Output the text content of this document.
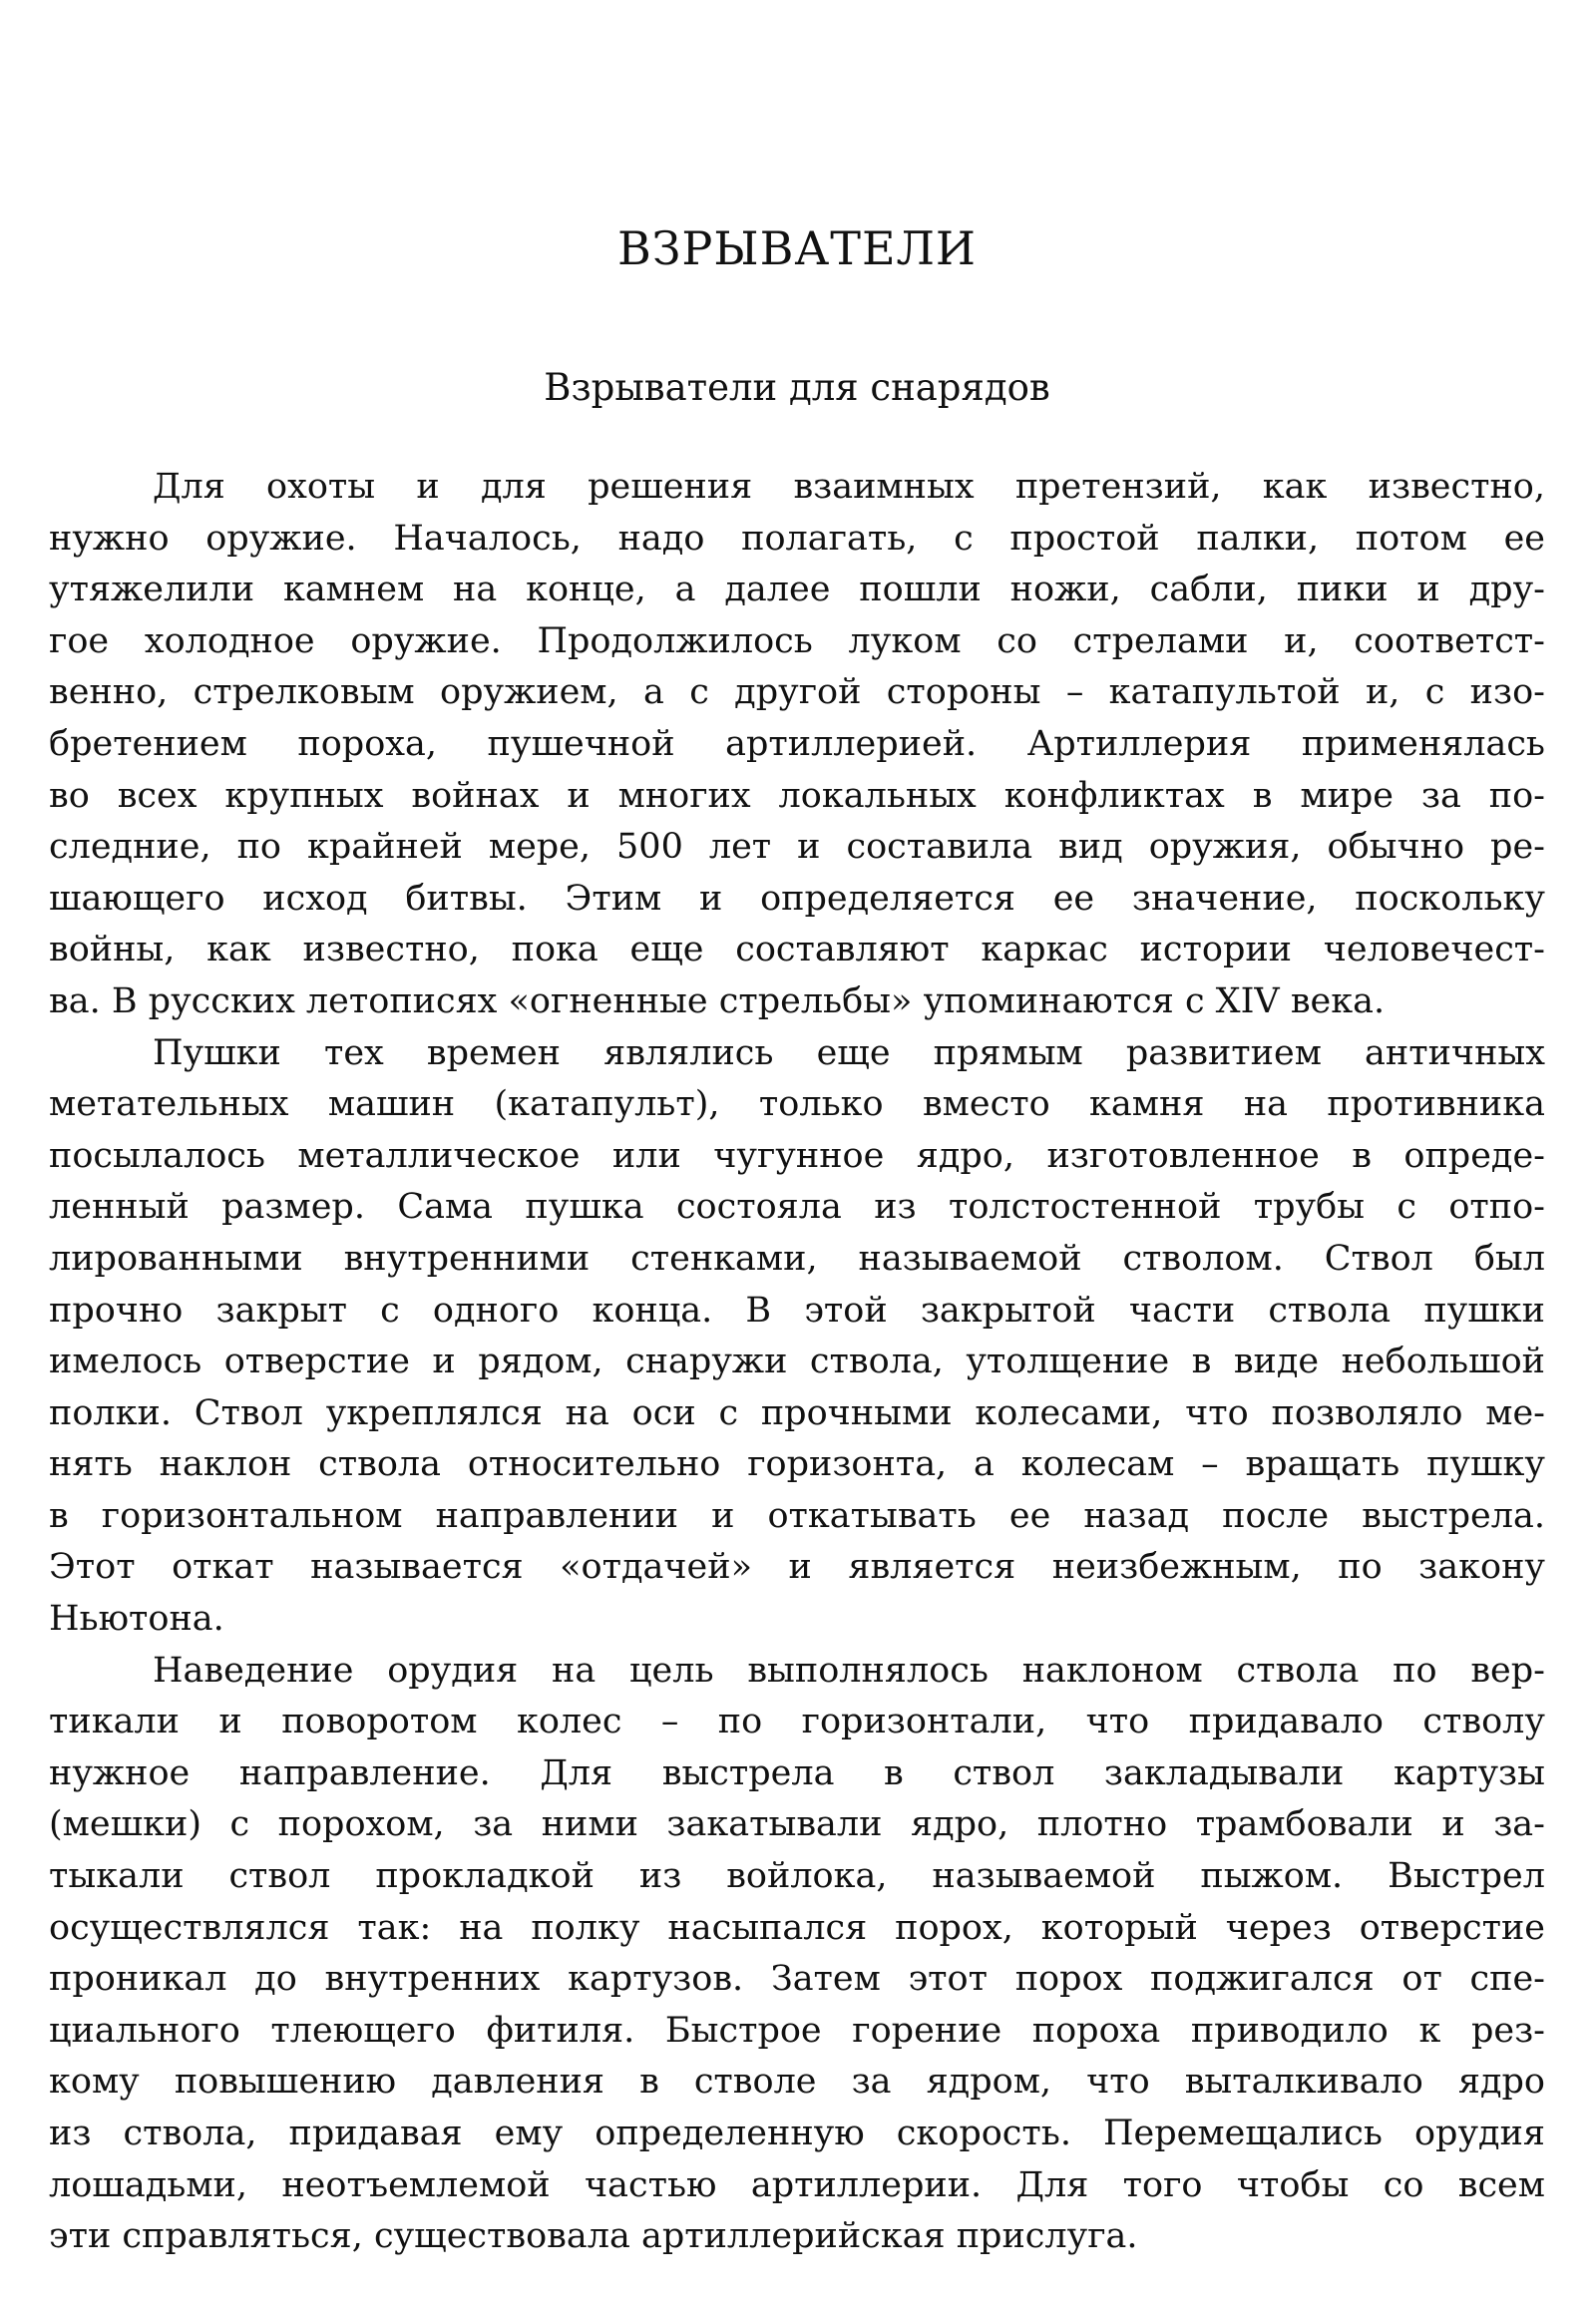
ВЗРЫВАТЕЛИ
Взрыватели для снарядов
Для охоты и для решения взаимных претензий, как известно,
нужно оружие. Началось, надо полагать, с простой палки, потом ее
утяжелили камнем на конце, а далее пошли ножи, сабли, пики и дру-
гое холодное оружие. Продолжилось луком со стрелами и, соответст-
венно, стрелковым оружием, а с другой стороны – катапультой и, с изо-
бретением пороха, пушечной артиллерией. Артиллерия применялась
во всех крупных войнах и многих локальных конфликтах в мире за по-
следние, по крайней мере, 500 лет и составила вид оружия, обычно ре-
шающего исход битвы. Этим и определяется ее значение, поскольку
войны, как известно, пока еще составляют каркас истории человечест-
ва. В русских летописях «огненные стрельбы» упоминаются с XIV века.
Пушки тех времен являлись еще прямым развитием античных
метательных машин (катапульт), только вместо камня на противника
посылалось металлическое или чугунное ядро, изготовленное в опреде-
ленный размер. Сама пушка состояла из толстостенной трубы с отпо-
лированными внутренними стенками, называемой стволом. Ствол был
прочно закрыт с одного конца. В этой закрытой части ствола пушки
имелось отверстие и рядом, снаружи ствола, утолщение в виде небольшой
полки. Ствол укреплялся на оси с прочными колесами, что позволяло ме-
нять наклон ствола относительно горизонта, а колесам – вращать пушку
в горизонтальном направлении и откатывать ее назад после выстрела.
Этот откат называется «отдачей» и является неизбежным, по закону
Ньютона.
Наведение орудия на цель выполнялось наклоном ствола по вер-
тикали и поворотом колес – по горизонтали, что придавало стволу
нужное направление. Для выстрела в ствол закладывали картузы
(мешки) с порохом, за ними закатывали ядро, плотно трамбовали и за-
тыкали ствол прокладкой из войлока, называемой пыжом. Выстрел
осуществлялся так: на полку насыпался порох, который через отверстие
проникал до внутренних картузов. Затем этот порох поджигался от спе-
циального тлеющего фитиля. Быстрое горение пороха приводило к рез-
кому повышению давления в стволе за ядром, что выталкивало ядро
из ствола, придавая ему определенную скорость. Перемещались орудия
лошадьми, неотъемлемой частью артиллерии. Для того чтобы со всем
эти справляться, существовала артиллерийская прислуга.
